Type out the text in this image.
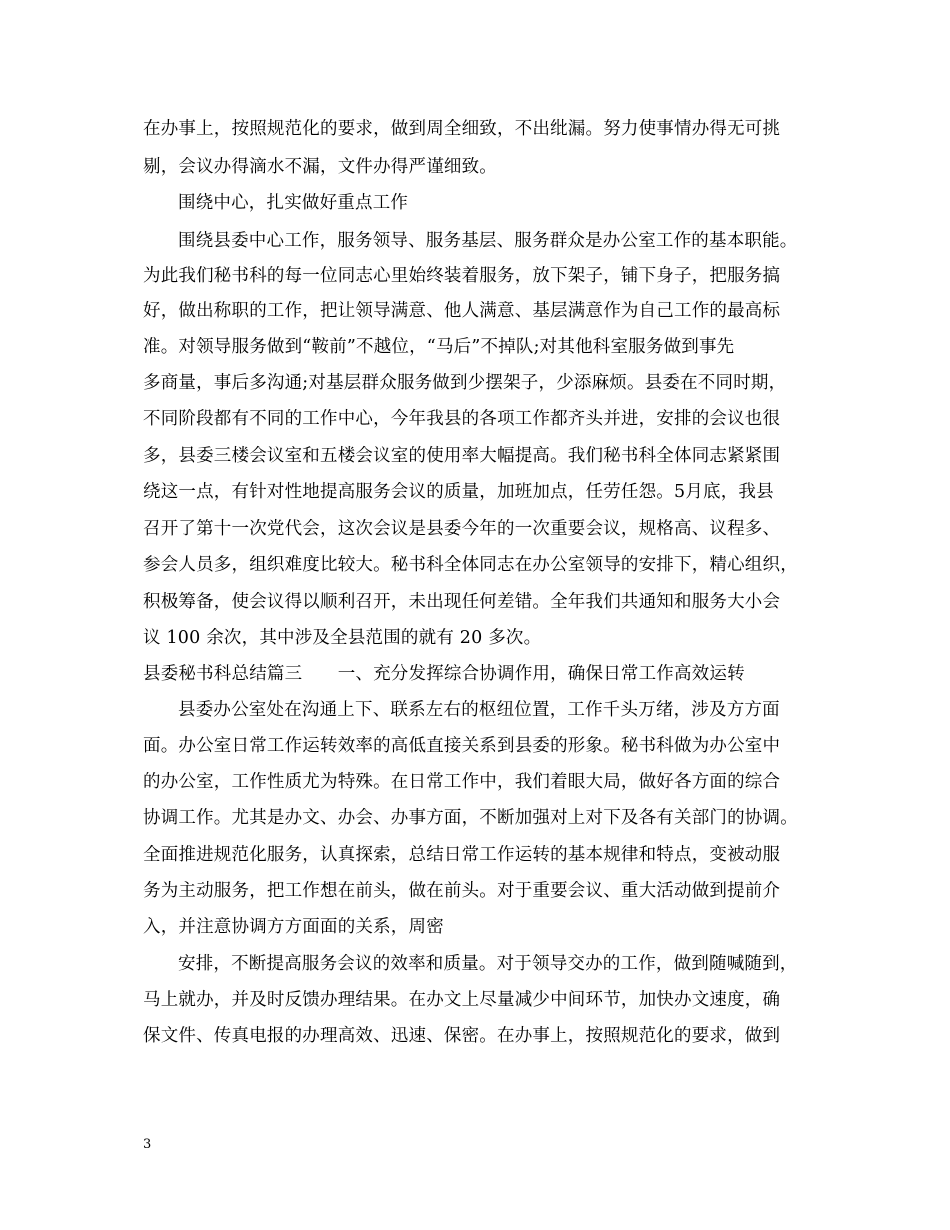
在办事上，按照规范化的要求，做到周全细致，不出纰漏。努力使事情办得无可挑
剔，会议办得滴水不漏，文件办得严谨细致。
围绕中心，扎实做好重点工作
围绕县委中心工作，服务领导、服务基层、服务群众是办公室工作的基本职能。
为此我们秘书科的每一位同志心里始终装着服务，放下架子，铺下身子，把服务搞
好，做出称职的工作，把让领导满意、他人满意、基层满意作为自己工作的最高标
准。对领导服务做到“鞍前”不越位，“马后”不掉队;对其他科室服务做到事先
多商量，事后多沟通;对基层群众服务做到少摆架子，少添麻烦。县委在不同时期，
不同阶段都有不同的工作中心，今年我县的各项工作都齐头并进，安排的会议也很
多，县委三楼会议室和五楼会议室的使用率大幅提高。我们秘书科全体同志紧紧围
绕这一点，有针对性地提高服务会议的质量，加班加点，任劳任怨。5月底，我县
召开了第十一次党代会，这次会议是县委今年的一次重要会议，规格高、议程多、
参会人员多，组织难度比较大。秘书科全体同志在办公室领导的安排下，精心组织，
积极筹备，使会议得以顺利召开，未出现任何差错。全年我们共通知和服务大小会
议 100 余次，其中涉及全县范围的就有 20 多次。
县委秘书科总结篇三　　一、充分发挥综合协调作用，确保日常工作高效运转
县委办公室处在沟通上下、联系左右的枢纽位置，工作千头万绪，涉及方方面
面。办公室日常工作运转效率的高低直接关系到县委的形象。秘书科做为办公室中
的办公室，工作性质尤为特殊。在日常工作中，我们着眼大局，做好各方面的综合
协调工作。尤其是办文、办会、办事方面，不断加强对上对下及各有关部门的协调。
全面推进规范化服务，认真探索，总结日常工作运转的基本规律和特点，变被动服
务为主动服务，把工作想在前头，做在前头。对于重要会议、重大活动做到提前介
入，并注意协调方方面面的关系，周密
安排，不断提高服务会议的效率和质量。对于领导交办的工作，做到随喊随到，
马上就办，并及时反馈办理结果。在办文上尽量减少中间环节，加快办文速度，确
保文件、传真电报的办理高效、迅速、保密。在办事上，按照规范化的要求，做到
3
